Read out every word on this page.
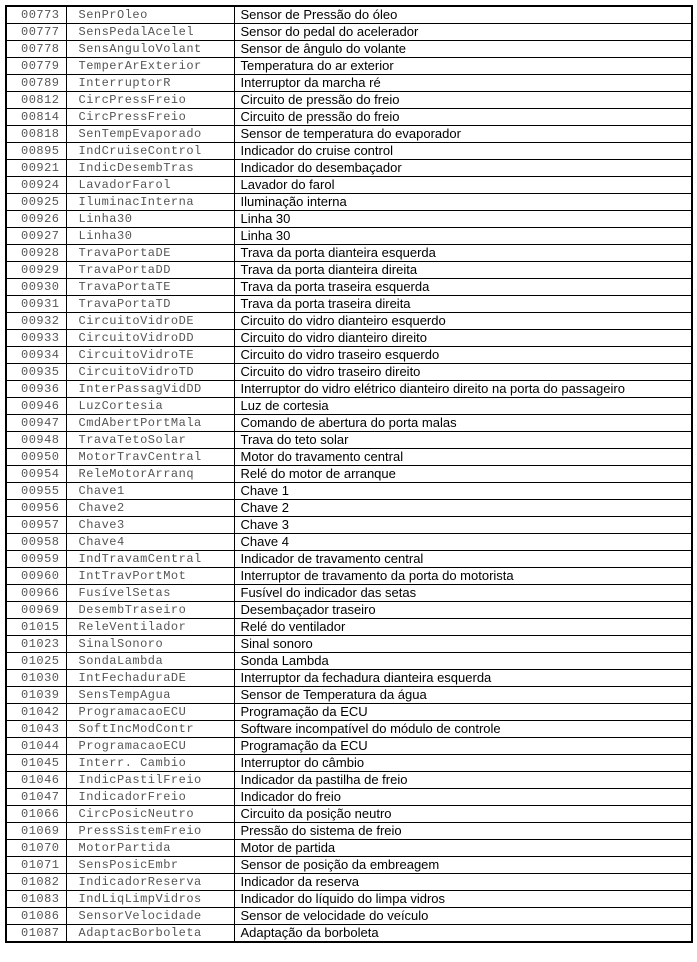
00773	SenPrOleo	Sensor de Pressão do óleo
00777	SensPedalAcelel	Sensor do pedal do acelerador
00778	SensAnguloVolant	Sensor de ângulo do volante
00779	TemperArExterior	Temperatura do ar exterior
00789	InterruptorR	Interruptor da marcha ré
00812	CircPressFreio	Circuito de pressão do freio
00814	CircPressFreio	Circuito de pressão do freio
00818	SenTempEvaporado	Sensor de temperatura do evaporador
00895	IndCruiseControl	Indicador do cruise control
00921	IndicDesembTras	Indicador do desembaçador
00924	LavadorFarol	Lavador do farol
00925	IluminacInterna	Iluminação interna
00926	Linha30	Linha 30
00927	Linha30	Linha 30
00928	TravaPortaDE	Trava da porta dianteira esquerda
00929	TravaPortaDD	Trava da porta dianteira direita
00930	TravaPortaTE	Trava da porta traseira esquerda
00931	TravaPortaTD	Trava da porta traseira direita
00932	CircuitoVidroDE	Circuito do vidro dianteiro esquerdo
00933	CircuitoVidroDD	Circuito do vidro dianteiro direito
00934	CircuitoVidroTE	Circuito do vidro traseiro esquerdo
00935	CircuitoVidroTD	Circuito do vidro traseiro direito
00936	InterPassagVidDD	Interruptor do vidro elétrico dianteiro direito na porta do passageiro
00946	LuzCortesia	Luz de cortesia
00947	CmdAbertPortMala	Comando de abertura do porta malas
00948	TravaTetoSolar	Trava do teto solar
00950	MotorTravCentral	Motor do travamento central
00954	ReleMotorArranq	Relé do motor de arranque
00955	Chave1	Chave 1
00956	Chave2	Chave 2
00957	Chave3	Chave 3
00958	Chave4	Chave 4
00959	IndTravamCentral	Indicador de travamento central
00960	IntTravPortMot	Interruptor de travamento da porta do motorista
00966	FusívelSetas	Fusível do indicador das setas
00969	DesembTraseiro	Desembaçador traseiro
01015	ReleVentilador	Relé do ventilador
01023	SinalSonoro	Sinal sonoro
01025	SondaLambda	Sonda Lambda
01030	IntFechaduraDE	Interruptor da fechadura dianteira esquerda
01039	SensTempAgua	Sensor de Temperatura da água
01042	ProgramacaoECU	Programação da ECU
01043	SoftIncModContr	Software incompatível do módulo de controle
01044	ProgramacaoECU	Programação da ECU
01045	Interr. Cambio	Interruptor do câmbio
01046	IndicPastilFreio	Indicador da pastilha de freio
01047	IndicadorFreio	Indicador do freio
01066	CircPosicNeutro	Circuito da posição neutro
01069	PressSistemFreio	Pressão do sistema de freio
01070	MotorPartida	Motor de partida
01071	SensPosicEmbr	Sensor de posição da embreagem
01082	IndicadorReserva	Indicador da reserva
01083	IndLiqLimpVidros	Indicador do líquido do limpa vidros
01086	SensorVelocidade	Sensor de velocidade do veículo
01087	AdaptacBorboleta	Adaptação da borboleta
